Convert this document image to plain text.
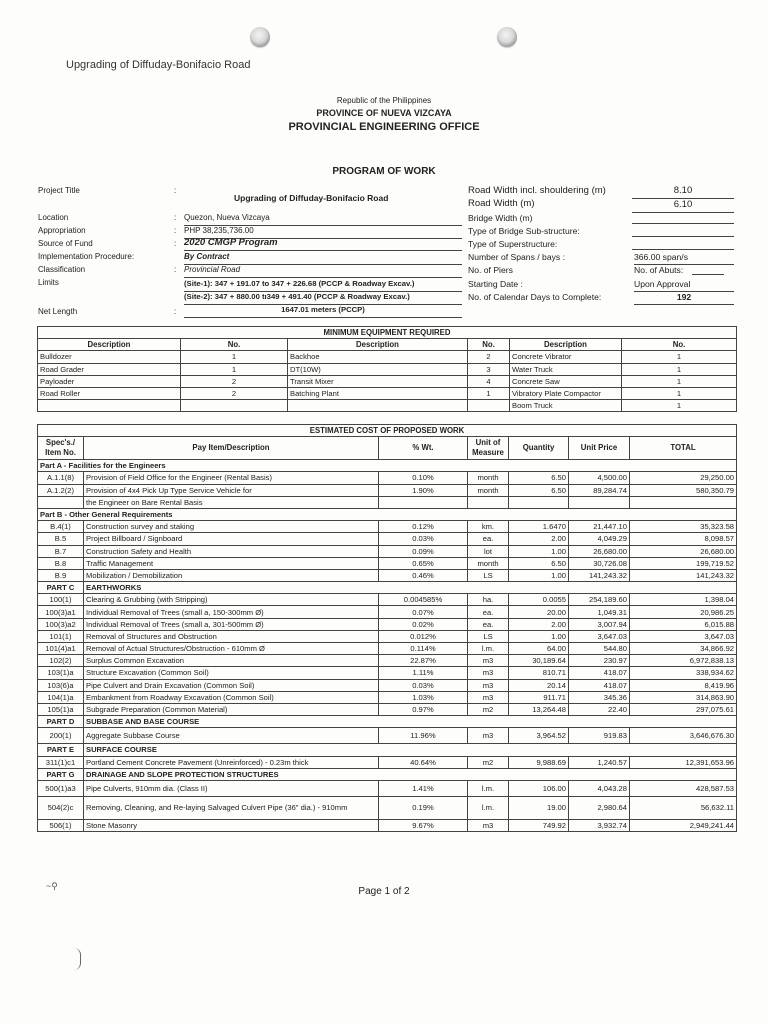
Upgrading of Diffuday-Bonifacio Road
Republic of the Philippines
PROVINCE OF NUEVA VIZCAYA
PROVINCIAL ENGINEERING OFFICE
PROGRAM OF WORK
Project Title	:
Upgrading of Diffuday-Bonifacio Road
Location	: Quezon, Nueva Vizcaya
Appropriation	: PHP 38,235,736.00
Source of Fund	: 2020 CMGP Program
Implementation Procedure:	By Contract
Classification	: Provincial Road
Limits	(Site-1): 347 + 191.07 to 347 + 226.68 (PCCP & Roadway Excav.)
(Site-2): 347 + 880.00 tı349 + 491.40 (PCCP & Roadway Excav.)
Net Length	:	1647.01 meters (PCCP)
Road Width incl. shouldering (m)	8.10
Road Width (m)	6.10
Bridge Width (m)
Type of Bridge Sub-structure:
Type of Superstructure:
Number of Spans / bays :	366.00 span/s
No. of Piers	No. of Abuts:
Starting Date :	Upon Approval
No. of Calendar Days to Complete:	192
MINIMUM EQUIPMENT REQUIRED					
Description	No.	Description	No.	Description	No.
Bulldozer	1	Backhoe	2	Concrete Vibrator	1
Road Grader	1	DT(10W)	3	Water Truck	1
Payloader	2	Transit Mixer	4	Concrete Saw	1
Road Roller	2	Batching Plant	1	Vibratory Plate Compactor	1
				Boom Truck	1
ESTIMATED COST OF PROPOSED WORK						
Spec's./ Item No.	Pay Item/Description	% Wt.	Unit of Measure	Quantity	Unit Price	TOTAL
Part A - Facilities for the Engineers						
A.1.1(8)	Provision of Field Office for the Engineer (Rental Basis)	0.10%	month	6.50	4,500.00	29,250.00
A.1.2(2)	Provision of 4x4 Pick Up Type Service Vehicle for	1.90%	month	6.50	89,284.74	580,350.79
	the Engineer on Bare Rental Basis					
Part B - Other General Requirements						
B.4(1)	Construction survey and staking	0.12%	km.	1.6470	21,447.10	35,323.58
B.5	Project Billboard / Signboard	0.03%	ea.	2.00	4,049.29	8,098.57
B.7	Construction Safety and Health	0.09%	lot	1.00	26,680.00	26,680.00
B.8	Traffic Management	0.65%	month	6.50	30,726.08	199,719.52
B.9	Mobilization / Demobilization	0.46%	LS	1.00	141,243.32	141,243.32
PART C	EARTHWORKS					
100(1)	Clearing & Grubbing (with Stripping)	0.004585%	ha.	0.0055	254,189.60	1,398.04
100(3)a1	Individual Removal of Trees (small a, 150-300mm Ø)	0.07%	ea.	20.00	1,049.31	20,986.25
100(3)a2	Individual Removal of Trees (small a, 301-500mm Ø)	0.02%	ea.	2.00	3,007.94	6,015.88
101(1)	Removal of Structures and Obstruction	0.012%	LS	1.00	3,647.03	3,647.03
101(4)a1	Removal of Actual Structures/Obstruction - 610mm Ø	0.114%	l.m.	64.00	544.80	34,866.92
102(2)	Surplus Common Excavation	22.87%	m3	30,189.64	230.97	6,972,838.13
103(1)a	Structure Excavation (Common Soil)	1.11%	m3	810.71	418.07	338,934.62
103(6)a	Pipe Culvert and Drain Excavation (Common Soil)	0.03%	m3	20.14	418.07	8,419.96
104(1)a	Embankment from Roadway Excavation (Common Soil)	1.03%	m3	911.71	345.36	314,863.90
105(1)a	Subgrade Preparation (Common Material)	0.97%	m2	13,264.48	22.40	297,075.61
PART D	SUBBASE AND BASE COURSE					
200(1)	Aggregate Subbase Course	11.96%	m3	3,964.52	919.83	3,646,676.30
PART E	SURFACE COURSE					
311(1)c1	Portland Cement Concrete Pavement (Unreinforced) - 0.23m thick	40.64%	m2	9,988.69	1,240.57	12,391,653.96
PART G	DRAINAGE AND SLOPE PROTECTION STRUCTURES					
500(1)a3	Pipe Culverts, 910mm dia. (Class II)	1.41%	l.m.	106.00	4,043.28	428,587.53
504(2)c	Removing, Cleaning, and Re-laying Salvaged Culvert Pipe (36" dia.) - 910mm	0.19%	l.m.	19.00	2,980.64	56,632.11
506(1)	Stone Masonry	9.67%	m3	749.92	3,932.74	2,949,241.44
~⚲	Page 1 of 2
